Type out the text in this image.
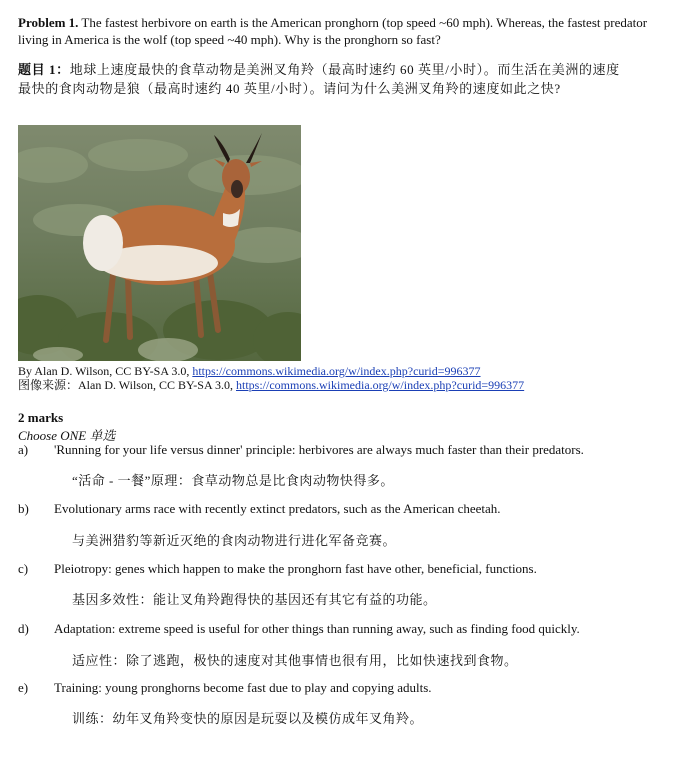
Problem 1. The fastest herbivore on earth is the American pronghorn (top speed ~60 mph). Whereas, the fastest predator living in America is the wolf (top speed ~40 mph). Why is the pronghorn so fast?
题目 1：地球上速度最快的食草动物是美洲叉角羚（最高时速约 60 英里/小时）。而生活在美洲的速度最快的食肉动物是狼（最高时速约 40 英里/小时）。请问为什么美洲叉角羚的速度如此之快?
By Alan D. Wilson, CC BY-SA 3.0, https://commons.wikimedia.org/w/index.php?curid=996377
图像来源：Alan D. Wilson, CC BY-SA 3.0, https://commons.wikimedia.org/w/index.php?curid=996377
2 marks
Choose ONE 单选
a) 'Running for your life versus dinner' principle: herbivores are always much faster than their predators.
“活命 - 一餐”原理：食草动物总是比食肉动物快得多。
b) Evolutionary arms race with recently extinct predators, such as the American cheetah.
与美洲猎豹等新近灭绝的食肉动物进行进化军备竞赛。
c) Pleiotropy: genes which happen to make the pronghorn fast have other, beneficial, functions.
基因多效性：能让叉角羚跑得快的基因还有其它有益的功能。
d) Adaptation: extreme speed is useful for other things than running away, such as finding food quickly.
适应性：除了逃跑，极快的速度对其他事情也很有用，比如快速找到食物。
e) Training: young pronghorns become fast due to play and copying adults.
训练：幼年叉角羚变快的原因是玩耍以及模仿成年叉角羚。
